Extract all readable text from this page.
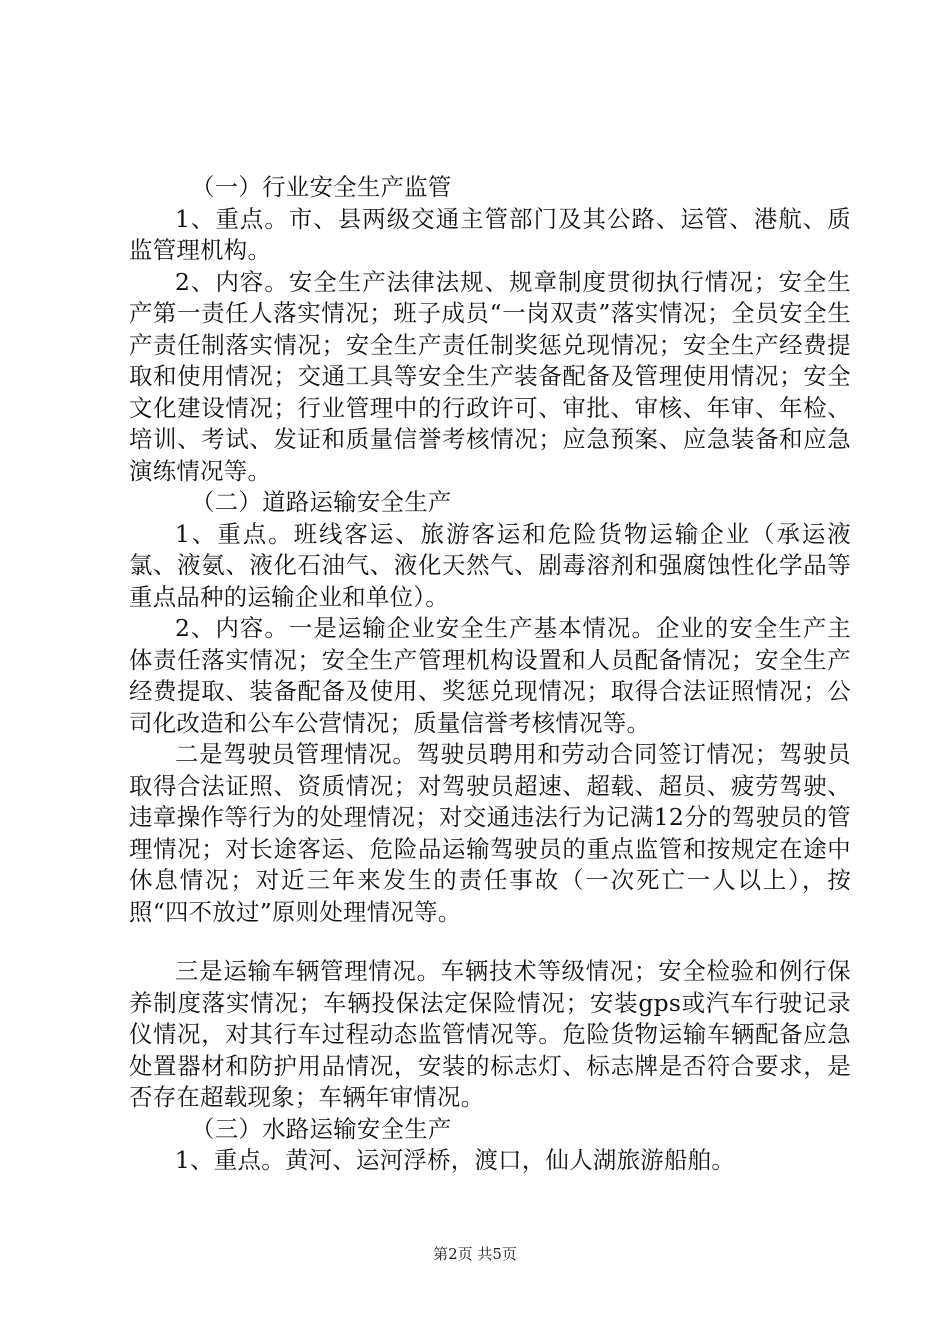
（一）行业安全生产监管

1、重点。市、县两级交通主管部门及其公路、运管、港航、质监管理机构。

2、内容。安全生产法律法规、规章制度贯彻执行情况；安全生产第一责任人落实情况；班子成员“一岗双责”落实情况；全员安全生产责任制落实情况；安全生产责任制奖惩兑现情况；安全生产经费提取和使用情况；交通工具等安全生产装备配备及管理使用情况；安全文化建设情况；行业管理中的行政许可、审批、审核、年审、年检、培训、考试、发证和质量信誉考核情况；应急预案、应急装备和应急演练情况等。

（二）道路运输安全生产

1、重点。班线客运、旅游客运和危险货物运输企业（承运液氯、液氨、液化石油气、液化天然气、剧毒溶剂和强腐蚀性化学品等重点品种的运输企业和单位）。

2、内容。一是运输企业安全生产基本情况。企业的安全生产主体责任落实情况；安全生产管理机构设置和人员配备情况；安全生产经费提取、装备配备及使用、奖惩兑现情况；取得合法证照情况；公司化改造和公车公营情况；质量信誉考核情况等。

二是驾驶员管理情况。驾驶员聘用和劳动合同签订情况；驾驶员取得合法证照、资质情况；对驾驶员超速、超载、超员、疲劳驾驶、违章操作等行为的处理情况；对交通违法行为记满12分的驾驶员的管理情况；对长途客运、危险品运输驾驶员的重点监管和按规定在途中休息情况；对近三年来发生的责任事故（一次死亡一人以上），按照“四不放过”原则处理情况等。

三是运输车辆管理情况。车辆技术等级情况；安全检验和例行保养制度落实情况；车辆投保法定保险情况；安装gps或汽车行驶记录仪情况，对其行车过程动态监管情况等。危险货物运输车辆配备应急处置器材和防护用品情况，安装的标志灯、标志牌是否符合要求，是否存在超载现象；车辆年审情况。

（三）水路运输安全生产

1、重点。黄河、运河浮桥，渡口，仙人湖旅游船舶。

第2页 共5页
